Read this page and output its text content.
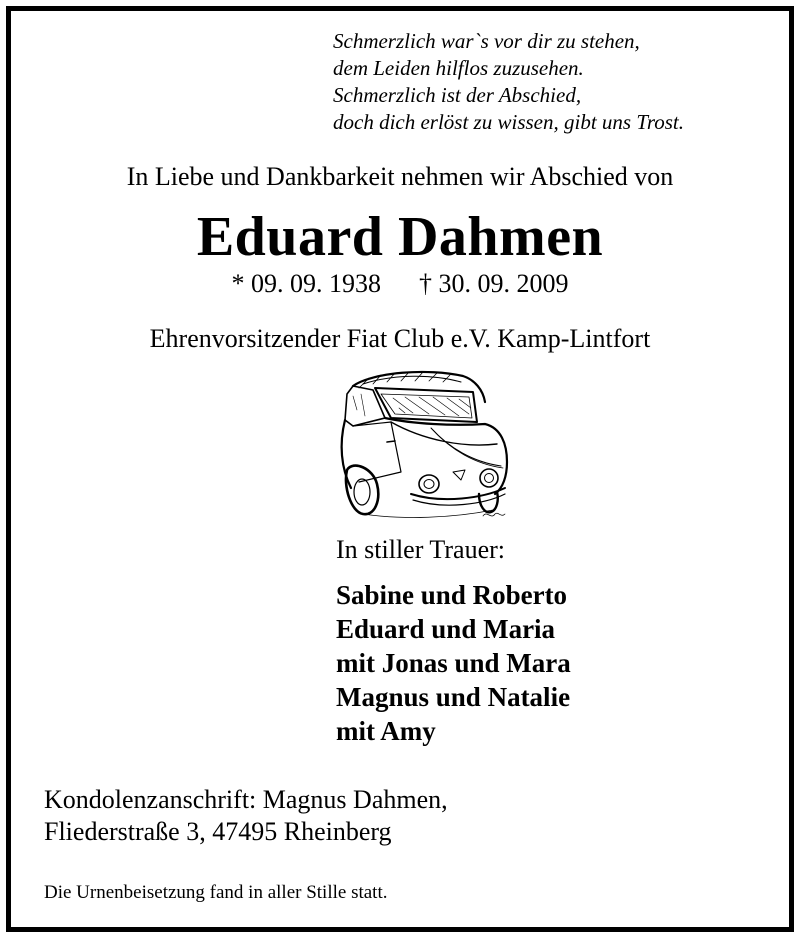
Schmerzlich war`s vor dir zu stehen,
dem Leiden hilflos zuzusehen.
Schmerzlich ist der Abschied,
doch dich erlöst zu wissen, gibt uns Trost.
In Liebe und Dankbarkeit nehmen wir Abschied von
Eduard Dahmen
* 09. 09. 1938 † 30. 09. 2009
Ehrenvorsitzender Fiat Club e.V. Kamp-Lintfort
In stiller Trauer:
Sabine und Roberto
Eduard und Maria
mit Jonas und Mara
Magnus und Natalie
mit Amy
Kondolenzanschrift: Magnus Dahmen,
Fliederstraße 3, 47495 Rheinberg
Die Urnenbeisetzung fand in aller Stille statt.
